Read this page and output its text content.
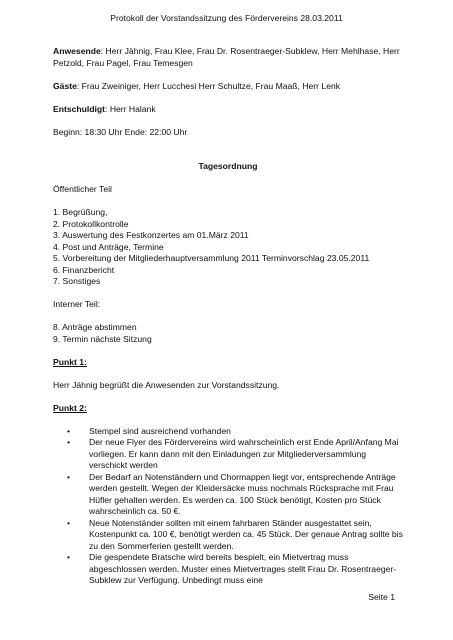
Protokoll der Vorstandssitzung des Fördervereins 28.03.2011

Anwesende: Herr Jähnig, Frau Klee, Frau Dr. Rosentraeger-Subklew, Herr Mehlhase, Herr Petzold, Frau Pagel, Frau Temesgen

Gäste: Frau Zweiniger, Herr Lucchesi Herr Schultze, Frau Maaß, Herr Lenk

Entschuldigt: Herr Halank

Beginn: 18:30 Uhr Ende: 22:00 Uhr

Tagesordnung

Öffentlicher Teil

1. Begrüßung,

2. Protokollkontrolle

3. Auswertung des Festkonzertes am 01.März 2011

4. Post und Anträge, Termine

5. Vorbereitung der Mitgliederhauptversammlung 2011 Terminvorschlag 23.05.2011

6. Finanzbericht

7. Sonstiges

Interner Teil:

8. Anträge abstimmen

9. Termin nächste Sitzung

Punkt 1:

Herr Jähnig begrüßt die Anwesenden zur Vorstandssitzung.

Punkt 2:

• Stempel sind ausreichend vorhanden
• Der neue Flyer des Fördervereins wird wahrscheinlich erst Ende April/Anfang Mai vorliegen. Er kann dann mit den Einladungen zur Mitgliederversammlung verschickt werden
• Der Bedarf an Notenständern und Chormappen liegt vor, entsprechende Anträge werden gestellt. Wegen der Kleidersäcke muss nochmals Rücksprache mit Frau Hüfler gehalten werden. Es werden ca. 100 Stück benötigt, Kosten pro Stück wahrscheinlich ca. 50 €.
• Neue Notenständer sollten mit einem fahrbaren Ständer ausgestattet sein, Kostenpunkt ca. 100 €, benötigt werden ca. 45 Stück. Der genaue Antrag sollte bis zu den Sommerferien gestellt werden.
• Die gespendete Bratsche wird bereits bespielt, ein Mietvertrag muss abgeschlossen werden. Muster eines Mietvertrages stellt Frau Dr. Rosentraeger-Subklew zur Verfügung. Unbedingt muss eine
Seite 1
